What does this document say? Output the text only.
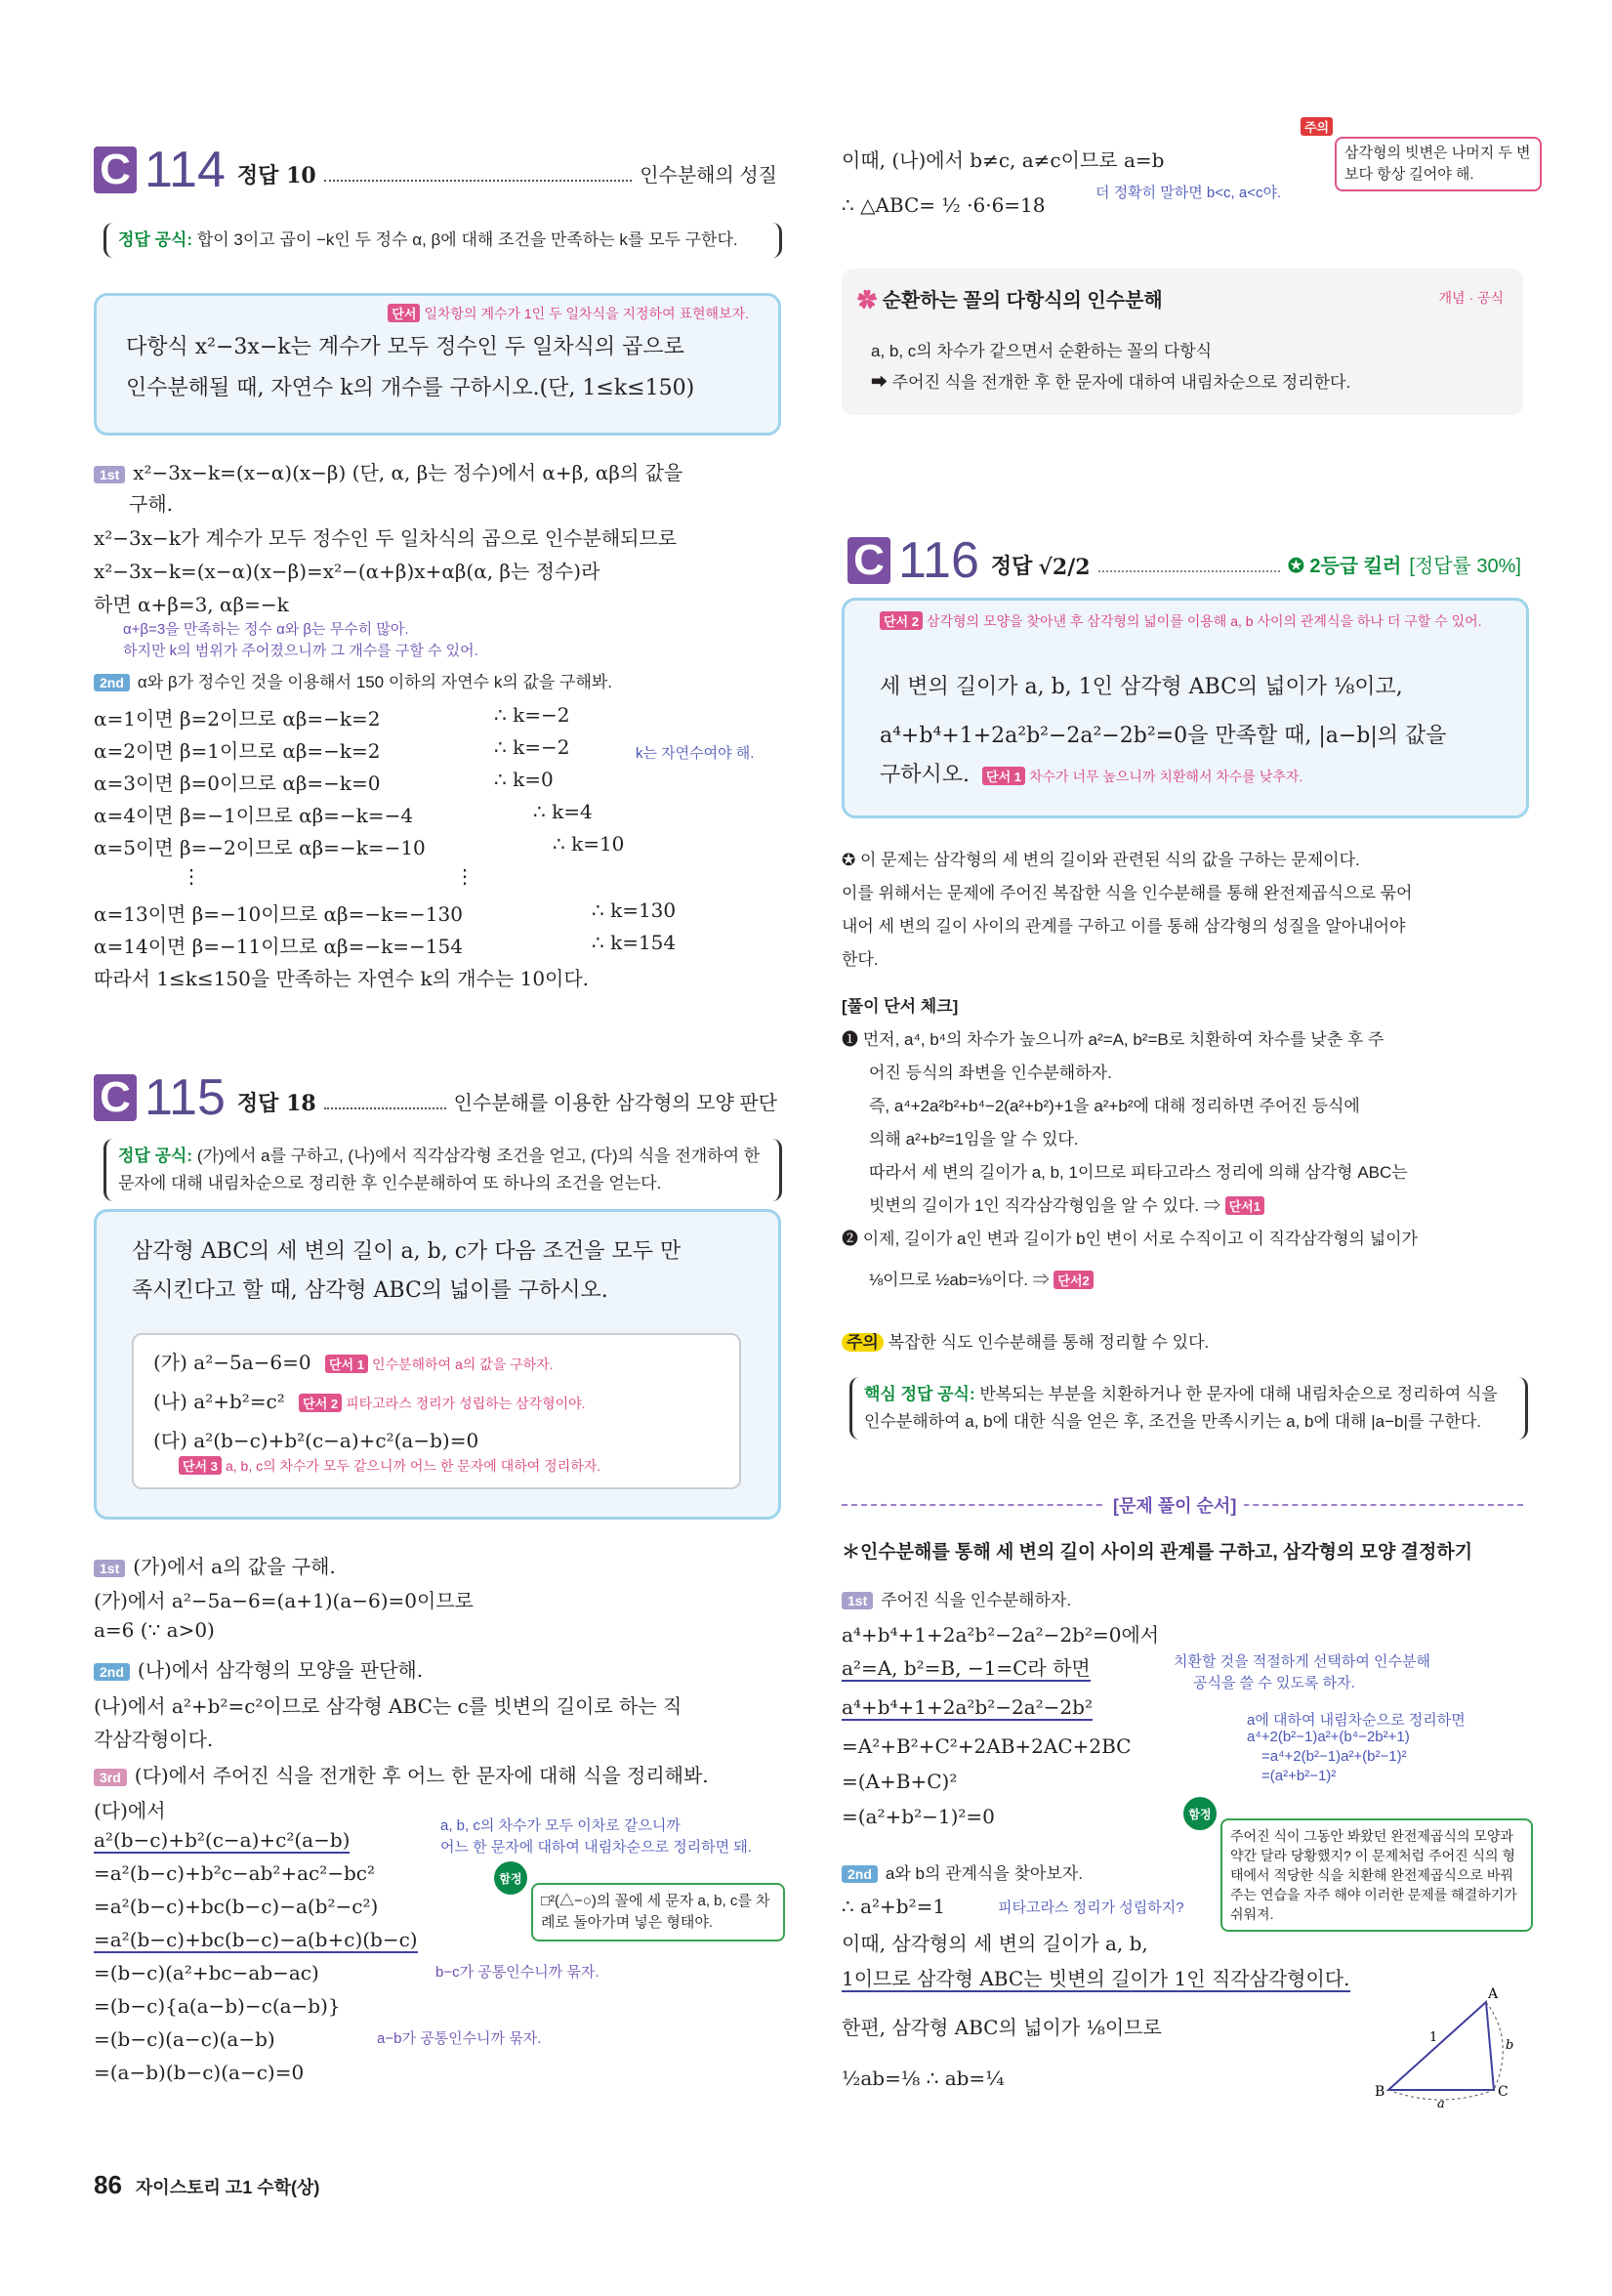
C 114 정답 10	인수분해의 성질
정답 공식: 합이 3이고 곱이 −k인 두 정수 α, β에 대해 조건을 만족하는 k를 모두 구한다.
단서 일차항의 계수가 1인 두 일차식을 지정하여 표현해보자.
다항식 x²−3x−k는 계수가 모두 정수인 두 일차식의 곱으로
인수분해될 때, 자연수 k의 개수를 구하시오.(단, 1≤k≤150)
1st x²−3x−k=(x−α)(x−β) (단, α, β는 정수)에서 α+β, αβ의 값을
구해.
x²−3x−k가 계수가 모두 정수인 두 일차식의 곱으로 인수분해되므로
x²−3x−k=(x−α)(x−β)=x²−(α+β)x+αβ(α, β는 정수)라
하면 α+β=3, αβ=−k
α+β=3을 만족하는 정수 α와 β는 무수히 많아.
하지만 k의 범위가 주어졌으니까 그 개수를 구할 수 있어.
2nd α와 β가 정수인 것을 이용해서 150 이하의 자연수 k의 값을 구해봐.
α=1이면 β=2이므로 αβ=−k=2	∴ k=−2
α=2이면 β=1이므로 αβ=−k=2	∴ k=−2
α=3이면 β=0이므로 αβ=−k=0	∴ k=0
k는 자연수여야 해.
α=4이면 β=−1이므로 αβ=−k=−4	∴ k=4
α=5이면 β=−2이므로 αβ=−k=−10	∴ k=10
⋮	⋮
α=13이면 β=−10이므로 αβ=−k=−130	∴ k=130
α=14이면 β=−11이므로 αβ=−k=−154	∴ k=154
따라서 1≤k≤150을 만족하는 자연수 k의 개수는 10이다.
C 115 정답 18	인수분해를 이용한 삼각형의 모양 판단
정답 공식: (가)에서 a를 구하고, (나)에서 직각삼각형 조건을 얻고, (다)의 식을 전개하여 한 문자에 대해 내림차순으로 정리한 후 인수분해하여 또 하나의 조건을 얻는다.
삼각형 ABC의 세 변의 길이 a, b, c가 다음 조건을 모두 만
족시킨다고 할 때, 삼각형 ABC의 넓이를 구하시오.
(가) a²−5a−6=0 단서 1 인수분해하여 a의 값을 구하자.
(나) a²+b²=c² 단서 2 피타고라스 정리가 성립하는 삼각형이야.
(다) a²(b−c)+b²(c−a)+c²(a−b)=0
단서 3 a, b, c의 차수가 모두 같으니까 어느 한 문자에 대하여 정리하자.
1st (가)에서 a의 값을 구해.
(가)에서 a²−5a−6=(a+1)(a−6)=0이므로
a=6 (∵ a>0)
2nd (나)에서 삼각형의 모양을 판단해.
(나)에서 a²+b²=c²이므로 삼각형 ABC는 c를 빗변의 길이로 하는 직
각삼각형이다.
3rd (다)에서 주어진 식을 전개한 후 어느 한 문자에 대해 식을 정리해봐.
(다)에서
a²(b−c)+b²(c−a)+c²(a−b)
a, b, c의 차수가 모두 이차로 같으니까
어느 한 문자에 대하여 내림차순으로 정리하면 돼.
=a²(b−c)+b²c−ab²+ac²−bc²
=a²(b−c)+bc(b−c)−a(b²−c²)
=a²(b−c)+bc(b−c)−a(b+c)(b−c)
=(b−c)(a²+bc−ab−ac)	b−c가 공통인수니까 묶자.
=(b−c){a(a−b)−c(a−b)}
=(b−c)(a−c)(a−b)	a−b가 공통인수니까 묶자.
=(a−b)(b−c)(a−c)=0
함정
□²(△−○)의 꼴에 세 문자 a, b, c를 차례로 돌아가며 넣은 형태야.
86 자이스토리 고1 수학(상)
이때, (나)에서 b≠c, a≠c이므로 a=b
∴ △ABC= ½ ·6·6=18
더 정확히 말하면 b<c, a<c야.
주의
삼각형의 빗변은 나머지 두 변보다 항상 길어야 해.
✿ 순환하는 꼴의 다항식의 인수분해	개념 · 공식
a, b, c의 차수가 같으면서 순환하는 꼴의 다항식
➡ 주어진 식을 전개한 후 한 문자에 대하여 내림차순으로 정리한다.
C 116 정답 √2/2	✪ 2등급 킬러 [정답률 30%]
단서 2 삼각형의 모양을 찾아낸 후 삼각형의 넓이를 이용해 a, b 사이의 관계식을 하나 더 구할 수 있어.
세 변의 길이가 a, b, 1인 삼각형 ABC의 넓이가 ⅛이고,
a⁴+b⁴+1+2a²b²−2a²−2b²=0을 만족할 때, |a−b|의 값을
구하시오. 단서 1 차수가 너무 높으니까 치환해서 차수를 낮추자.
✪ 이 문제는 삼각형의 세 변의 길이와 관련된 식의 값을 구하는 문제이다.
이를 위해서는 문제에 주어진 복잡한 식을 인수분해를 통해 완전제곱식으로 묶어
내어 세 변의 길이 사이의 관계를 구하고 이를 통해 삼각형의 성질을 알아내어야
한다.
[풀이 단서 체크]
❶ 먼저, a⁴, b⁴의 차수가 높으니까 a²=A, b²=B로 치환하여 차수를 낮춘 후 주
어진 등식의 좌변을 인수분해하자.
즉, a⁴+2a²b²+b⁴−2(a²+b²)+1을 a²+b²에 대해 정리하면 주어진 등식에
의해 a²+b²=1임을 알 수 있다.
따라서 세 변의 길이가 a, b, 1이므로 피타고라스 정리에 의해 삼각형 ABC는
빗변의 길이가 1인 직각삼각형임을 알 수 있다. ⇒ 단서1
❷ 이제, 길이가 a인 변과 길이가 b인 변이 서로 수직이고 이 직각삼각형의 넓이가
⅛이므로 ½ab=⅛이다. ⇒ 단서2
주의 복잡한 식도 인수분해를 통해 정리할 수 있다.
핵심 정답 공식: 반복되는 부분을 치환하거나 한 문자에 대해 내림차순으로 정리하여 식을 인수분해하여 a, b에 대한 식을 얻은 후, 조건을 만족시키는 a, b에 대해 |a−b|를 구한다.
[문제 풀이 순서]
＊인수분해를 통해 세 변의 길이 사이의 관계를 구하고, 삼각형의 모양 결정하기
1st 주어진 식을 인수분해하자.
a⁴+b⁴+1+2a²b²−2a²−2b²=0에서
a²=A, b²=B, −1=C라 하면	치환할 것을 적절하게 선택하여 인수분해
공식을 쓸 수 있도록 하자.
a⁴+b⁴+1+2a²b²−2a²−2b²
a에 대하여 내림차순으로 정리하면
a⁴+2(b²−1)a²+(b⁴−2b²+1)
=a⁴+2(b²−1)a²+(b²−1)²
=(a²+b²−1)²
=A²+B²+C²+2AB+2AC+2BC
=(A+B+C)²
=(a²+b²−1)²=0	함정
주어진 식이 그동안 봐왔던 완전제곱식의 모양과 약간 달라 당황했지? 이 문제처럼 주어진 식의 형태에서 적당한 식을 치환해 완전제곱식으로 바꿔주는 연습을 자주 해야 이러한 문제를 해결하기가 쉬워져.
2nd a와 b의 관계식을 찾아보자.
∴ a²+b²=1	피타고라스 정리가 성립하지?
이때, 삼각형의 세 변의 길이가 a, b,
1이므로 삼각형 ABC는 빗변의 길이가 1인 직각삼각형이다.
한편, 삼각형 ABC의 넓이가 ⅛이므로
½ab=⅛ ∴ ab=¼
A
B	C
1
b
a
